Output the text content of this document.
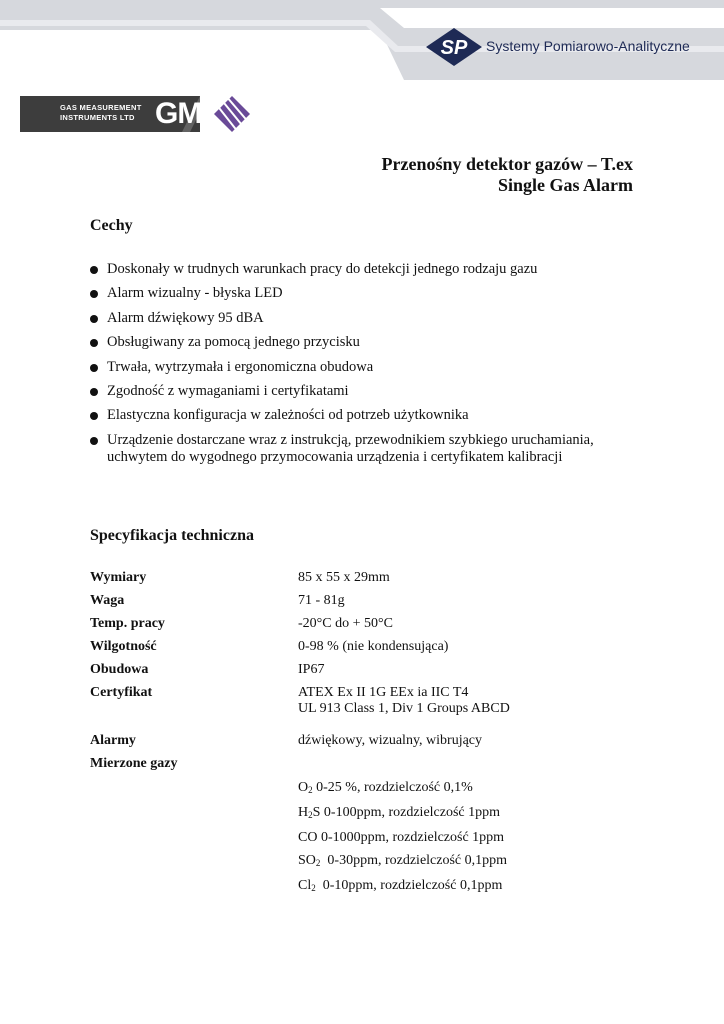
SP Systemy Pomiarowo-Analityczne
GAS MEASUREMENT
INSTRUMENTS LTD GMI
Przenośny detektor gazów – T.ex
Single Gas Alarm
Cechy
Doskonały w trudnych warunkach pracy do detekcji jednego rodzaju gazu
Alarm wizualny - błyska LED
Alarm dźwiękowy 95 dBA
Obsługiwany za pomocą jednego przycisku
Trwała, wytrzymała i ergonomiczna obudowa
Zgodność z wymaganiami i certyfikatami
Elastyczna konfiguracja w zależności od potrzeb użytkownika
Urządzenie dostarczane wraz z instrukcją, przewodnikiem szybkiego uruchamiania, uchwytem do wygodnego przymocowania urządzenia i certyfikatem kalibracji
Specyfikacja techniczna
Wymiary	85 x 55 x 29mm
Waga	71 - 81g
Temp. pracy	-20°C do + 50°C
Wilgotność	0-98 % (nie kondensująca)
Obudowa	IP67
Certyfikat	ATEX Ex II 1G EEx ia IIC T4
UL 913 Class 1, Div 1 Groups ABCD
Alarmy	dźwiękowy, wizualny, wibrujący
Mierzone gazy

$O_2$ 0-25 %, rozdzielczość 0,1%
$H_2S$ 0-100ppm, rozdzielczość 1ppm
CO 0-1000ppm, rozdzielczość 1ppm
$SO_2$  0-30ppm, rozdzielczość 0,1ppm
$Cl_2$  0-10ppm, rozdzielczość 0,1ppm
